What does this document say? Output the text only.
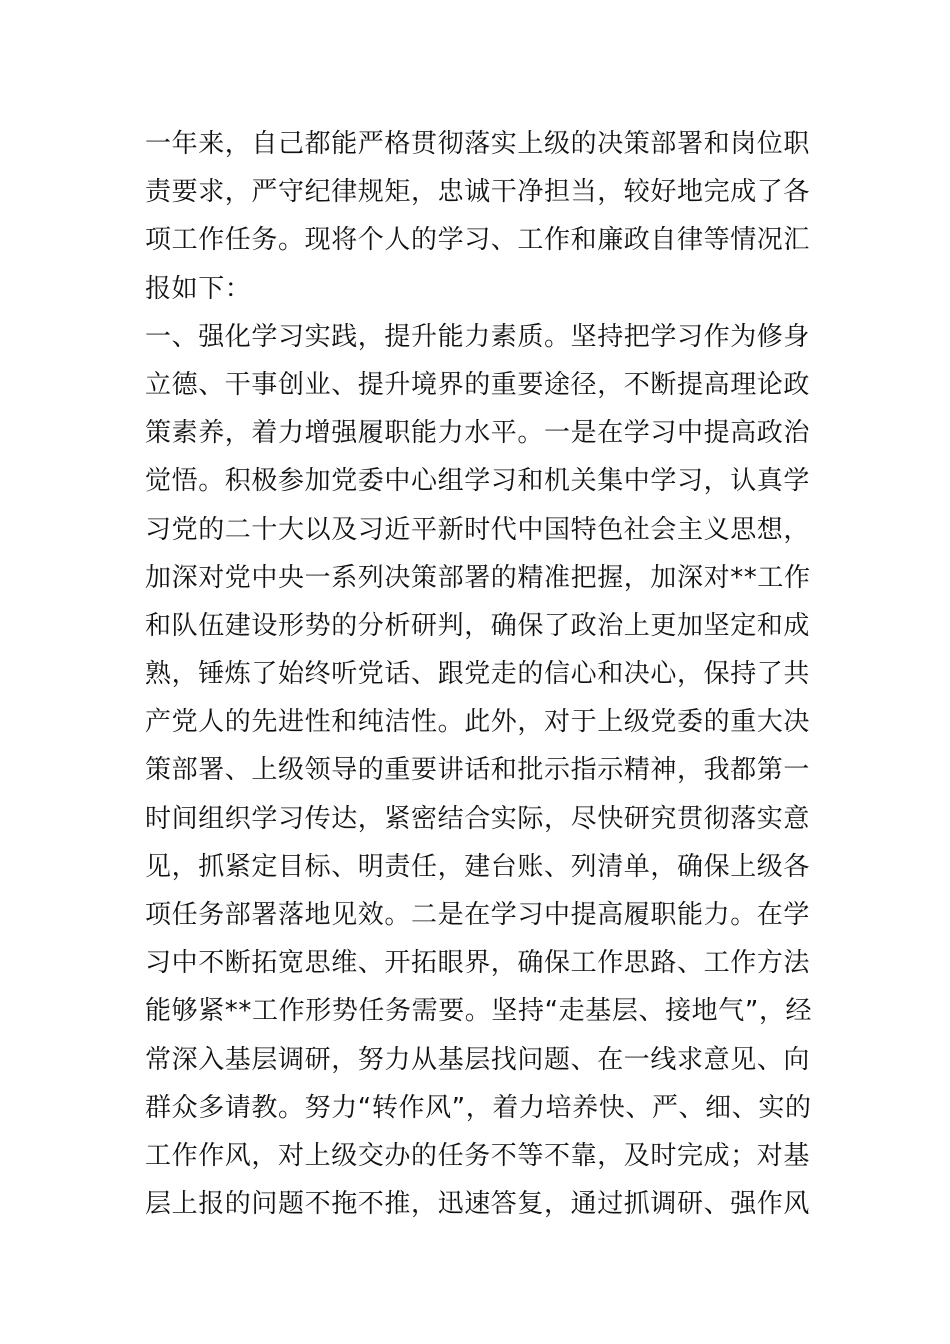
一年来，自己都能严格贯彻落实上级的决策部署和岗位职
责要求，严守纪律规矩，忠诚干净担当，较好地完成了各
项工作任务。现将个人的学习、工作和廉政自律等情况汇
报如下：
一、强化学习实践，提升能力素质。坚持把学习作为修身
立德、干事创业、提升境界的重要途径，不断提高理论政
策素养，着力增强履职能力水平。一是在学习中提高政治
觉悟。积极参加党委中心组学习和机关集中学习，认真学
习党的二十大以及习近平新时代中国特色社会主义思想，
加深对党中央一系列决策部署的精准把握，加深对**工作
和队伍建设形势的分析研判，确保了政治上更加坚定和成
熟，锤炼了始终听党话、跟党走的信心和决心，保持了共
产党人的先进性和纯洁性。此外，对于上级党委的重大决
策部署、上级领导的重要讲话和批示指示精神，我都第一
时间组织学习传达，紧密结合实际，尽快研究贯彻落实意
见，抓紧定目标、明责任，建台账、列清单，确保上级各
项任务部署落地见效。二是在学习中提高履职能力。在学
习中不断拓宽思维、开拓眼界，确保工作思路、工作方法
能够紧**工作形势任务需要。坚持“走基层、接地气”，经
常深入基层调研，努力从基层找问题、在一线求意见、向
群众多请教。努力“转作风”，着力培养快、严、细、实的
工作作风，对上级交办的任务不等不靠，及时完成；对基
层上报的问题不拖不推，迅速答复，通过抓调研、强作风
